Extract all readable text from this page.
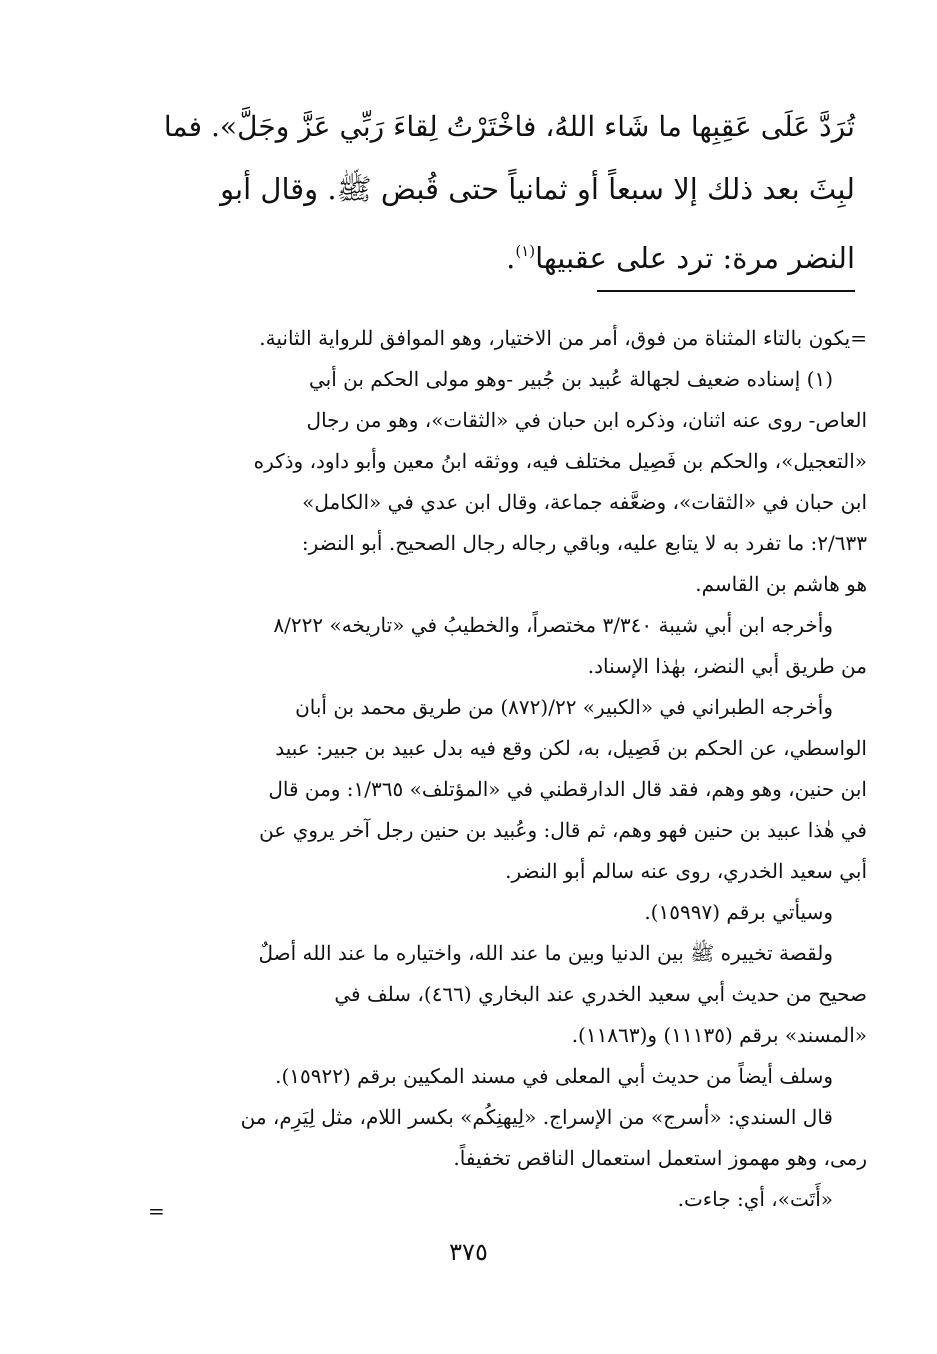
تُرَدَّ عَلَى عَقِبِها ما شَاء اللهُ، فاخْتَرْتُ لِقاءَ رَبِّي عَزَّ وجَلَّ». فما
لبِثَ بعد ذلك إلا سبعاً أو ثمانياً حتى قُبض ﷺ. وقال أبو
النضر مرة: ترد على عقبيها$^{(١)}$.
=يكون بالتاء المثناة من فوق، أمر من الاختيار، وهو الموافق للرواية الثانية.
(١) إسناده ضعيف لجهالة عُبيد بن جُبير -وهو مولى الحكم بن أبي
العاص- روى عنه اثنان، وذكره ابن حبان في «الثقات»، وهو من رجال
«التعجيل»، والحكم بن فَصِيل مختلف فيه، ووثقه ابنُ معين وأبو داود، وذكره
ابن حبان في «الثقات»، وضعَّفه جماعة، وقال ابن عدي في «الكامل»
٢/٦٣٣: ما تفرد به لا يتابع عليه، وباقي رجاله رجال الصحيح. أبو النضر:
هو هاشم بن القاسم.
وأخرجه ابن أبي شيبة ٣/٣٤٠ مختصراً، والخطيبُ في «تاريخه» ٨/٢٢٢
من طريق أبي النضر، بهٰذا الإسناد.
وأخرجه الطبراني في «الكبير» ٢٢/(٨٧٢) من طريق محمد بن أبان
الواسطي، عن الحكم بن فَصِيل، به، لكن وقع فيه بدل عبيد بن جبير: عبيد
ابن حنين، وهو وهم، فقد قال الدارقطني في «المؤتلف» ١/٣٦٥: ومن قال
في هٰذا عبيد بن حنين فهو وهم، ثم قال: وعُبيد بن حنين رجل آخر يروي عن
أبي سعيد الخدري، روى عنه سالم أبو النضر.
وسيأتي برقم (١٥٩٩٧).
ولقصة تخييره ﷺ بين الدنيا وبين ما عند الله، واختياره ما عند الله أصلٌ
صحيح من حديث أبي سعيد الخدري عند البخاري (٤٦٦)، سلف في
«المسند» برقم (١١١٣٥) و(١١٨٦٣).
وسلف أيضاً من حديث أبي المعلى في مسند المكيين برقم (١٥٩٢٢).
قال السندي: «أسرج» من الإسراج. «لِيهنِكُم» بكسر اللام، مثل لِيَرِم، من
رمى، وهو مهموز استعمل استعمال الناقص تخفيفاً.
«أَتَت»، أي: جاءت.
=
٣٧٥
